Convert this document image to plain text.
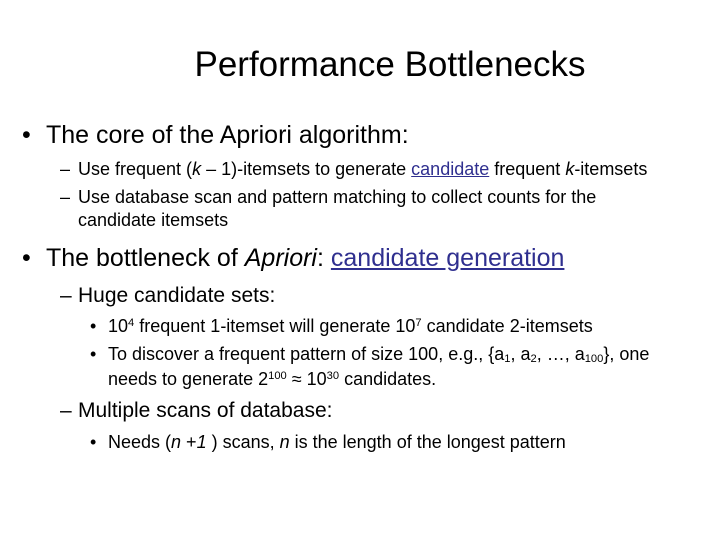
Performance Bottlenecks
• The core of the Apriori algorithm:
– Use frequent (k – 1)-itemsets to generate candidate frequent k-itemsets
– Use database scan and pattern matching to collect counts for the
candidate itemsets
• The bottleneck of Apriori: candidate generation
– Huge candidate sets:
• $10^4$ frequent 1-itemset will generate $10^7$ candidate 2-itemsets
• To discover a frequent pattern of size 100, e.g., {$a_1$, $a_2$, …, $a_{100}$}, one
needs to generate $2^{100} \approx 10^{30}$ candidates.
– Multiple scans of database:
• Needs (n +1 ) scans, n is the length of the longest pattern
